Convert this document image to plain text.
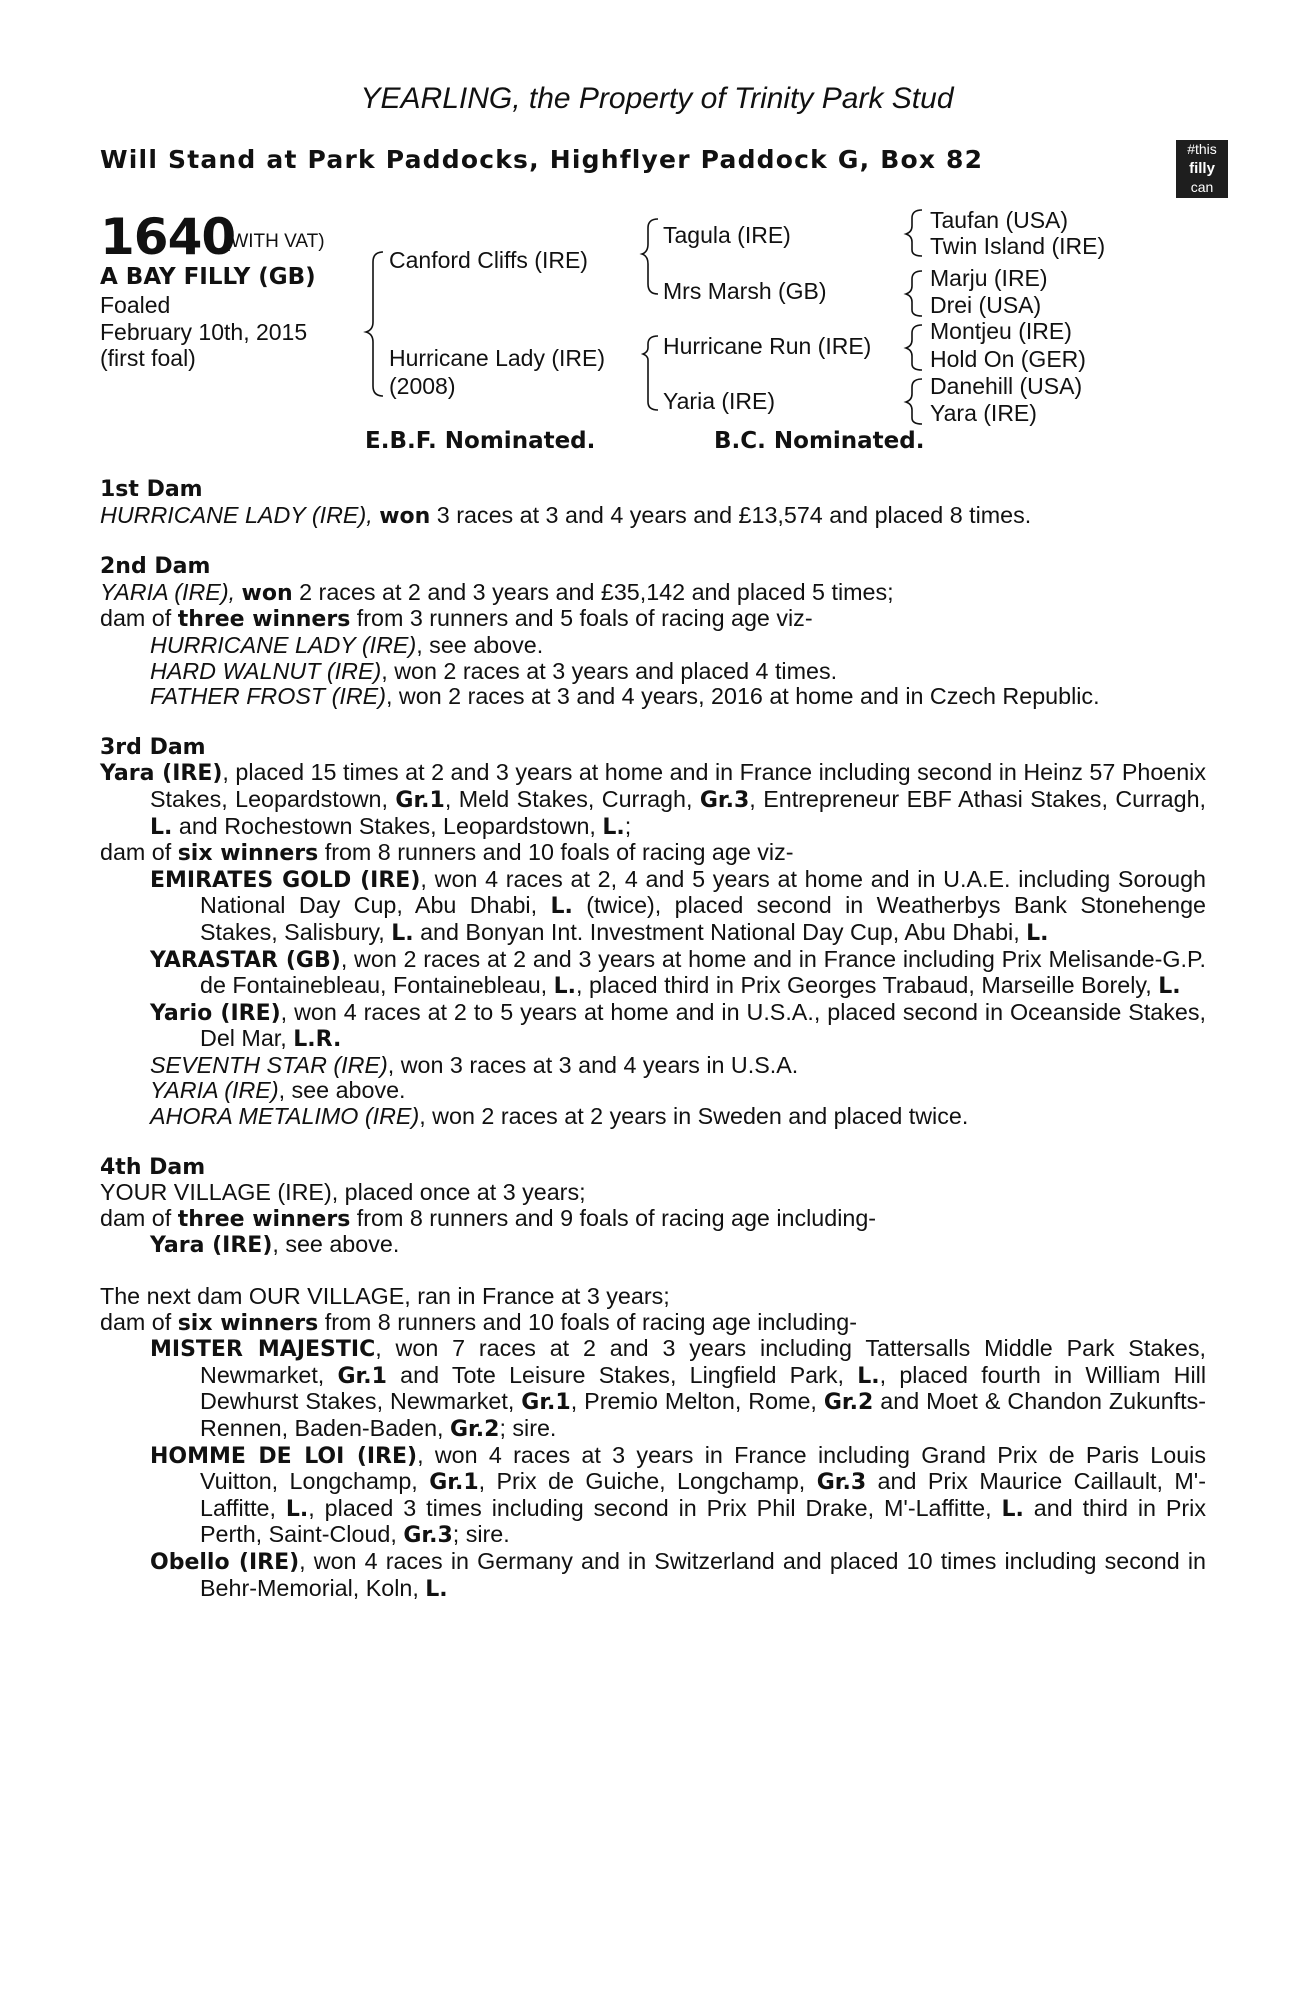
YEARLING, the Property of Trinity Park Stud
Will Stand at Park Paddocks, Highflyer Paddock G, Box 82	#this
filly
can
1640
(WITH VAT)
A BAY FILLY (GB)
Foaled
February 10th, 2015
(first foal)
Canford Cliffs (IRE)
Hurricane Lady (IRE)
(2008)
Tagula (IRE)
Mrs Marsh (GB)
Hurricane Run (IRE)
Yaria (IRE)
Taufan (USA)
Twin Island (IRE)
Marju (IRE)
Drei (USA)
Montjeu (IRE)
Hold On (GER)
Danehill (USA)
Yara (IRE)
E.B.F. Nominated.	B.C. Nominated.
1st Dam
HURRICANE LADY (IRE), won 3 races at 3 and 4 years and £13,574 and placed 8 times.
2nd Dam
YARIA (IRE), won 2 races at 2 and 3 years and £35,142 and placed 5 times;
dam of three winners from 3 runners and 5 foals of racing age viz-
HURRICANE LADY (IRE), see above.
HARD WALNUT (IRE), won 2 races at 3 years and placed 4 times.
FATHER FROST (IRE), won 2 races at 3 and 4 years, 2016 at home and in Czech Republic.
3rd Dam
Yara (IRE), placed 15 times at 2 and 3 years at home and in France including second in Heinz 57 Phoenix Stakes, Leopardstown, Gr.1, Meld Stakes, Curragh, Gr.3, Entrepreneur EBF Athasi Stakes, Curragh, L. and Rochestown Stakes, Leopardstown, L.;
dam of six winners from 8 runners and 10 foals of racing age viz-
EMIRATES GOLD (IRE), won 4 races at 2, 4 and 5 years at home and in U.A.E. including Sorough National Day Cup, Abu Dhabi, L. (twice), placed second in Weatherbys Bank Stonehenge Stakes, Salisbury, L. and Bonyan Int. Investment National Day Cup, Abu Dhabi, L.
YARASTAR (GB), won 2 races at 2 and 3 years at home and in France including Prix Melisande-G.P. de Fontainebleau, Fontainebleau, L., placed third in Prix Georges Trabaud, Marseille Borely, L.
Yario (IRE), won 4 races at 2 to 5 years at home and in U.S.A., placed second in Oceanside Stakes, Del Mar, L.R.
SEVENTH STAR (IRE), won 3 races at 3 and 4 years in U.S.A.
YARIA (IRE), see above.
AHORA METALIMO (IRE), won 2 races at 2 years in Sweden and placed twice.
4th Dam
YOUR VILLAGE (IRE), placed once at 3 years;
dam of three winners from 8 runners and 9 foals of racing age including-
Yara (IRE), see above.
The next dam OUR VILLAGE, ran in France at 3 years;
dam of six winners from 8 runners and 10 foals of racing age including-
MISTER MAJESTIC, won 7 races at 2 and 3 years including Tattersalls Middle Park Stakes, Newmarket, Gr.1 and Tote Leisure Stakes, Lingfield Park, L., placed fourth in William Hill Dewhurst Stakes, Newmarket, Gr.1, Premio Melton, Rome, Gr.2 and Moet & Chandon Zukunfts-Rennen, Baden-Baden, Gr.2; sire.
HOMME DE LOI (IRE), won 4 races at 3 years in France including Grand Prix de Paris Louis Vuitton, Longchamp, Gr.1, Prix de Guiche, Longchamp, Gr.3 and Prix Maurice Caillault, M'-Laffitte, L., placed 3 times including second in Prix Phil Drake, M'-Laffitte, L. and third in Prix Perth, Saint-Cloud, Gr.3; sire.
Obello (IRE), won 4 races in Germany and in Switzerland and placed 10 times including second in Behr-Memorial, Koln, L.
